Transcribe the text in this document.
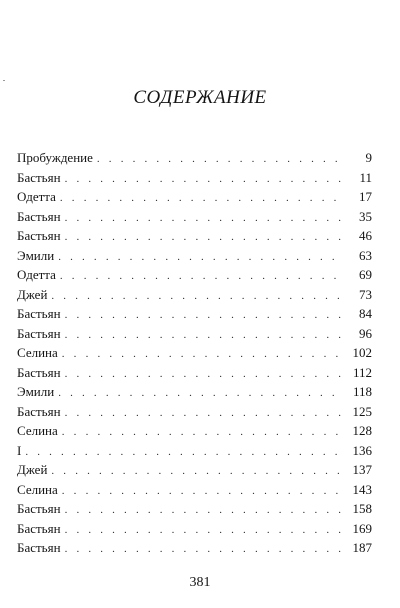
СОДЕРЖАНИЕ
Пробуждение . . .	9
Бастьян . . .	11
Одетта . . .	17
Бастьян . . .	35
Бастьян . . .	46
Эмили . . .	63
Одетта . . .	69
Джей . . .	73
Бастьян . . .	84
Бастьян . . .	96
Селина . . .	102
Бастьян . . .	112
Эмили . . .	118
Бастьян . . .	125
Селина . . .	128
I . . .	136
Джей . . .	137
Селина . . .	143
Бастьян . . .	158
Бастьян . . .	169
Бастьян . . .	187
381
